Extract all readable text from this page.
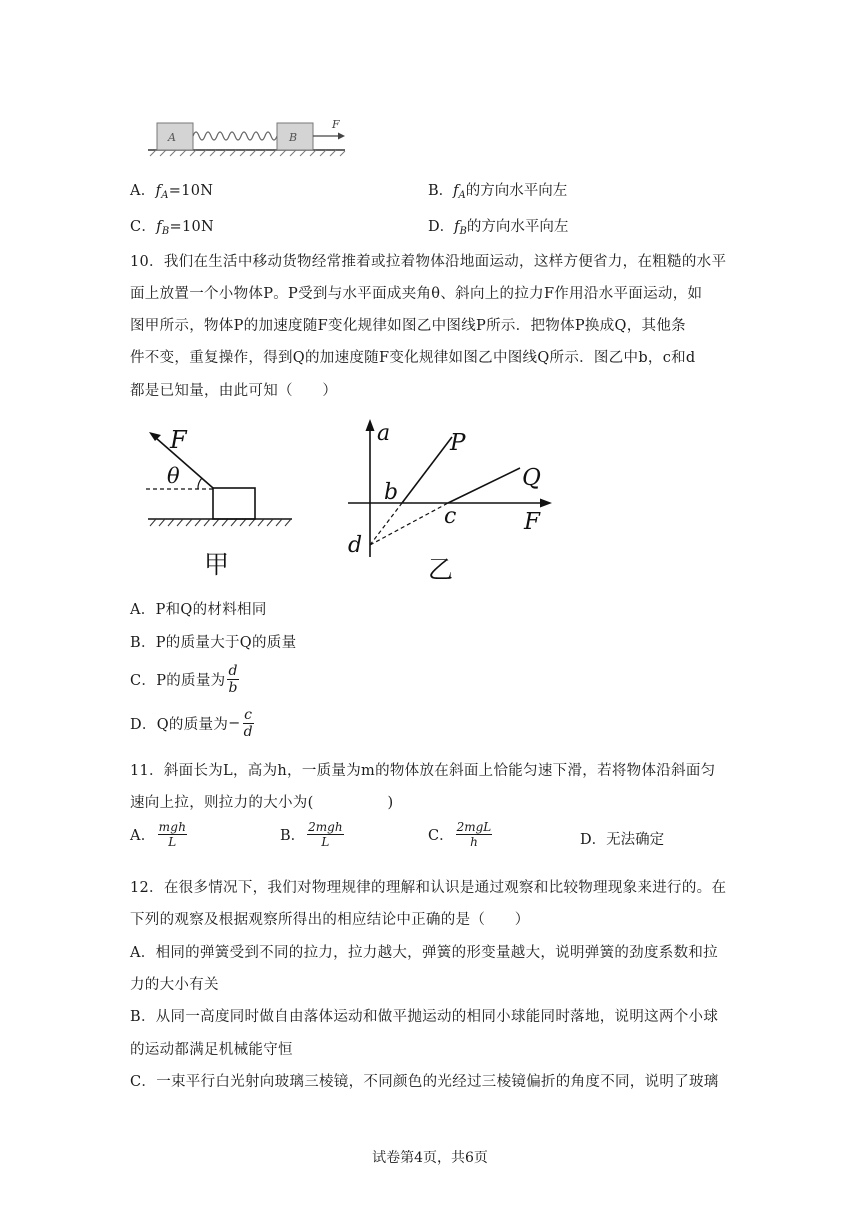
A	B
F
A．$f_A=10N$	B．$f_A$的方向水平向左
C．$f_B=10N$	D．$f_B$的方向水平向左
10．我们在生活中移动货物经常推着或拉着物体沿地面运动，这样方便省力，在粗糙的水平
面上放置一个小物体P。P受到与水平面成夹角θ、斜向上的拉力F作用沿水平面运动，如
图甲所示，物体P的加速度随F变化规律如图乙中图线P所示．把物体P换成Q，其他条
件不变，重复操作，得到Q的加速度随F变化规律如图乙中图线Q所示．图乙中b，c和d
都是已知量，由此可知（　　）
F
θ
甲
a	P
Q
b
c
d
F
乙
A．P和Q的材料相同
B．P的质量大于Q的质量
C．P的质量为 $\frac{d}{b}$
D．Q的质量为− $\frac{c}{d}$
11．斜面长为L，高为h，一质量为m的物体放在斜面上恰能匀速下滑，若将物体沿斜面匀
速向上拉，则拉力的大小为(　　　　　)
A． $\frac{\text{mgh}}{L}$	B． $\frac{\text{2mgh}}{L}$	C． $\frac{\text{2mgL}}{h}$	D．无法确定
12．在很多情况下，我们对物理规律的理解和认识是通过观察和比较物理现象来进行的。在
下列的观察及根据观察所得出的相应结论中正确的是（　　）
A．相同的弹簧受到不同的拉力，拉力越大，弹簧的形变量越大，说明弹簧的劲度系数和拉
力的大小有关
B．从同一高度同时做自由落体运动和做平抛运动的相同小球能同时落地，说明这两个小球
的运动都满足机械能守恒
C．一束平行白光射向玻璃三棱镜，不同颜色的光经过三棱镜偏折的角度不同，说明了玻璃
试卷第4页，共6页
